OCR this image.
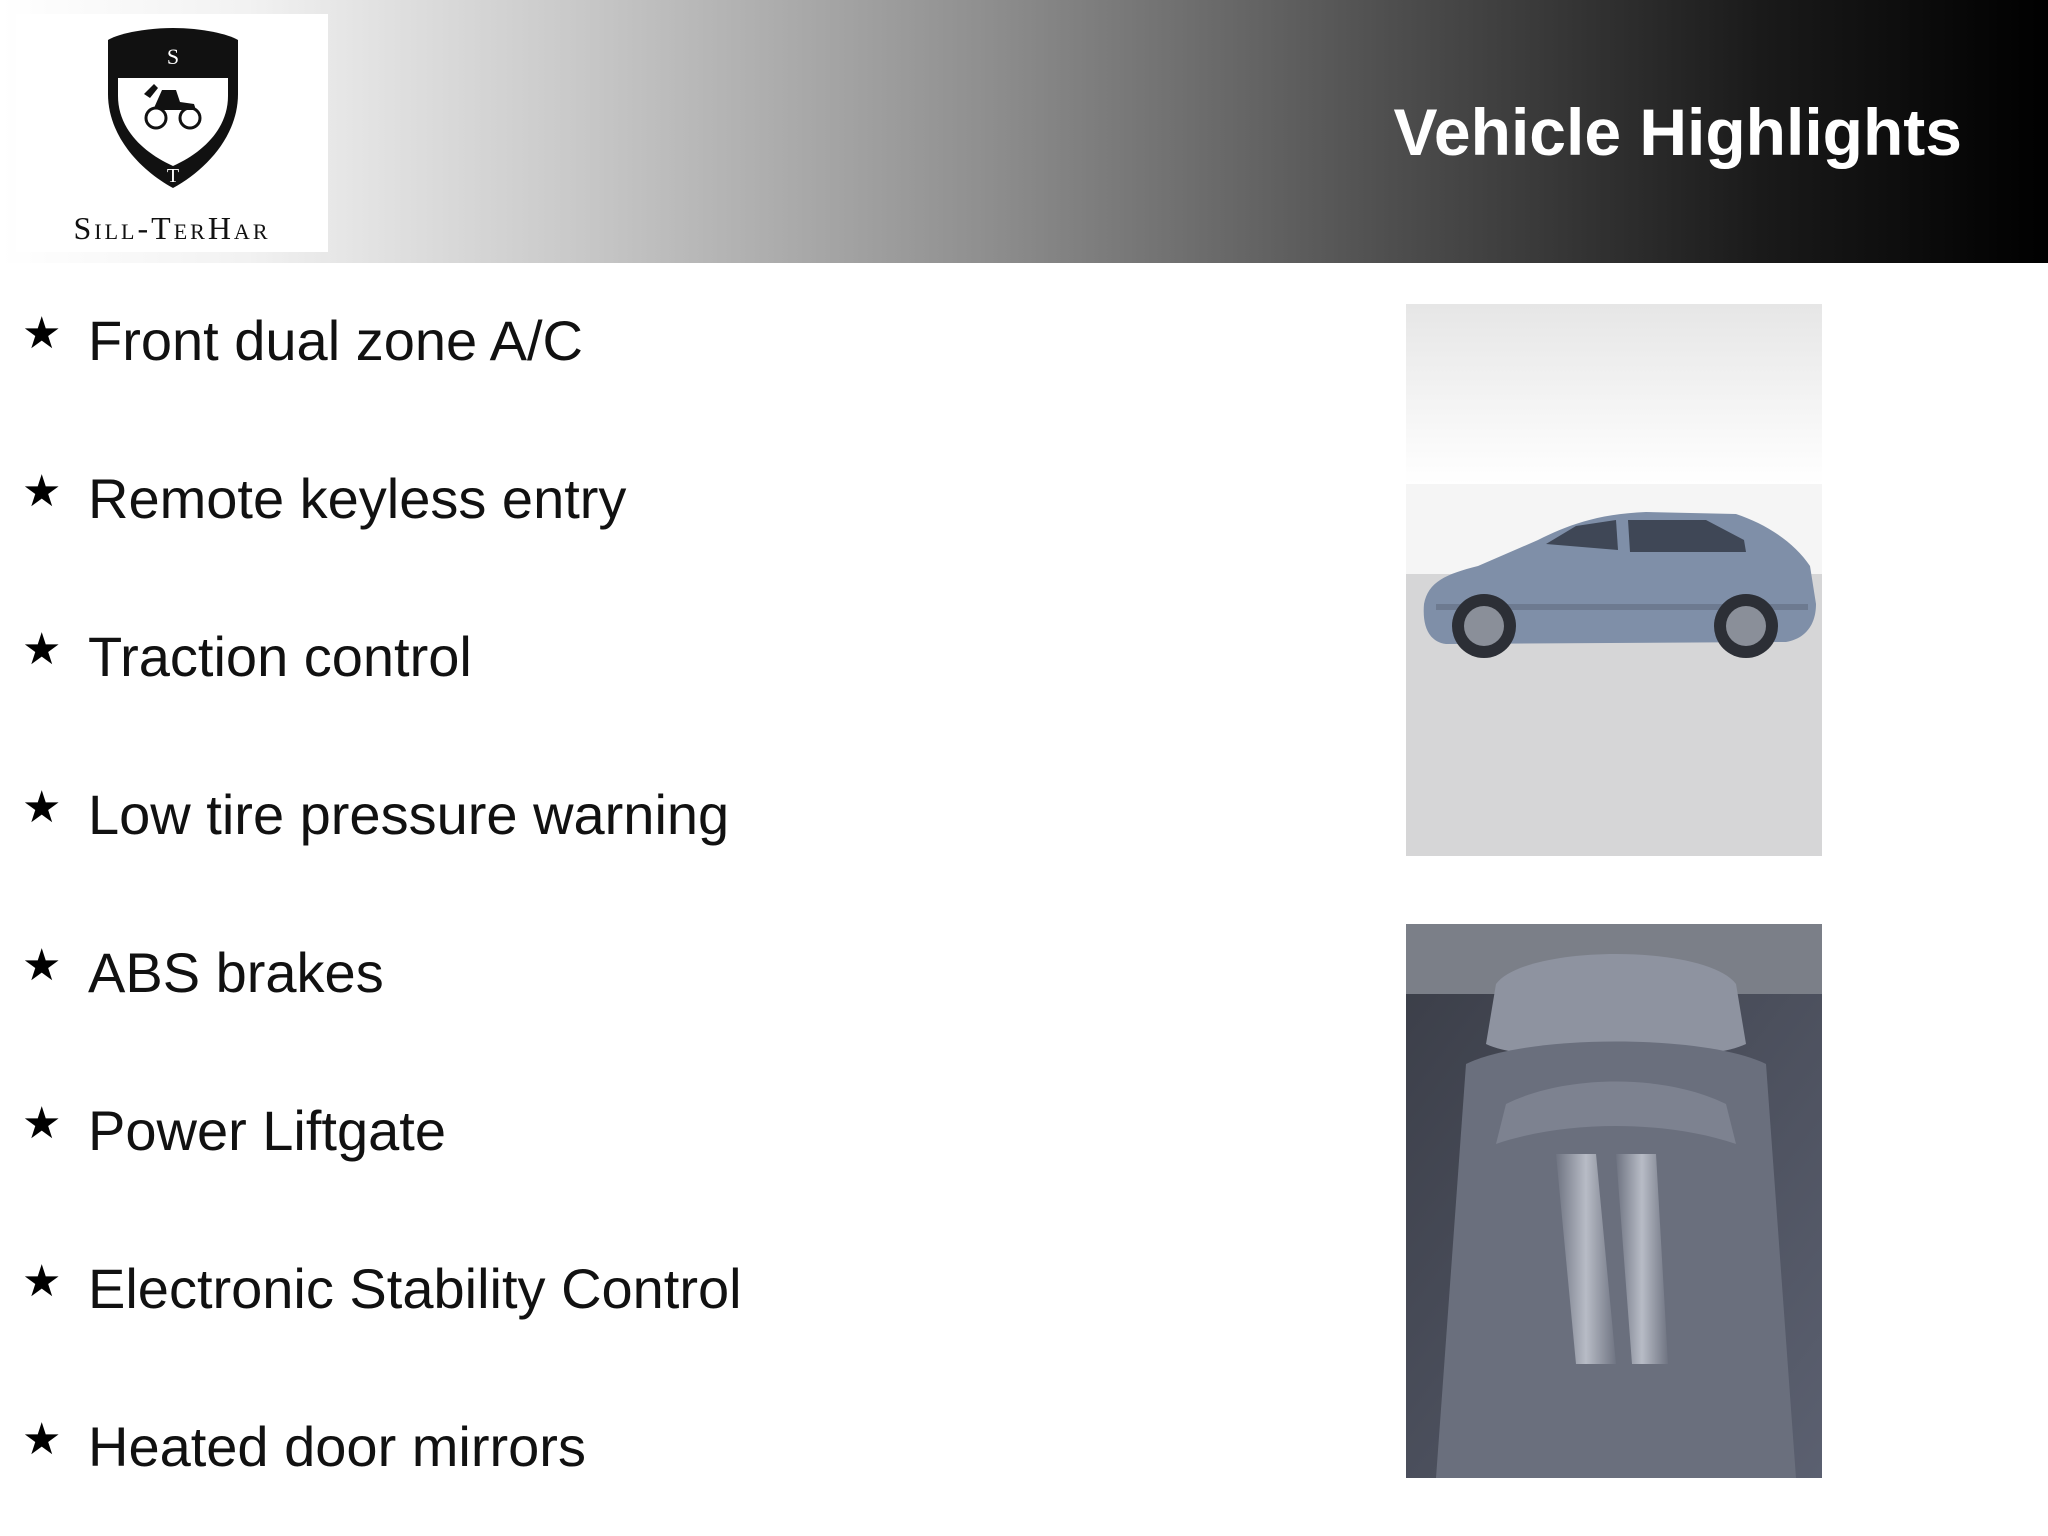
S
T
Sill-TerHar
Vehicle Highlights
★ Front dual zone A/C
★ Remote keyless entry
★ Traction control
★ Low tire pressure warning
★ ABS brakes
★ Power Liftgate
★ Electronic Stability Control
★ Heated door mirrors
